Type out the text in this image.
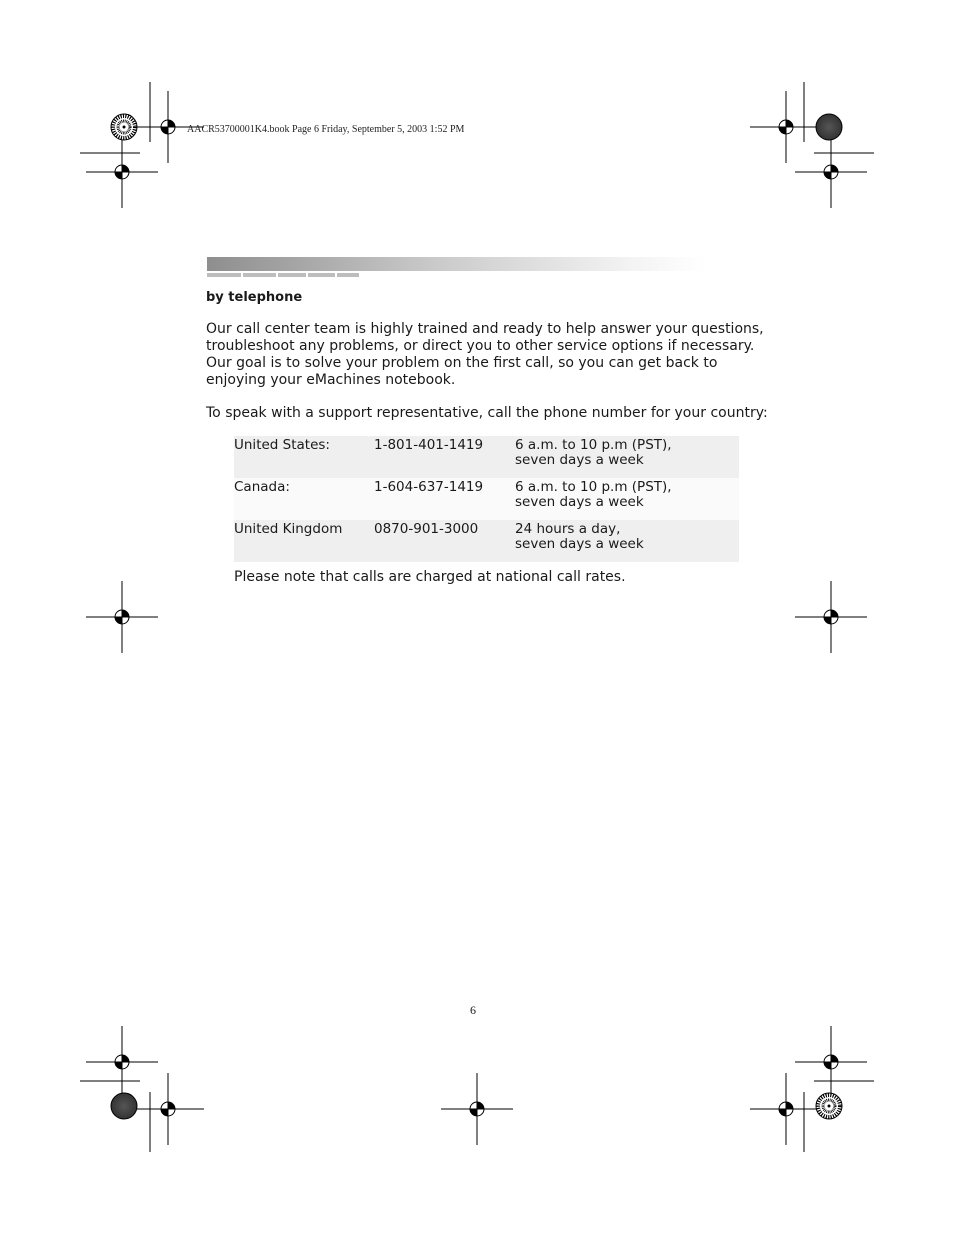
AACR53700001K4.book Page 6 Friday, September 5, 2003 1:52 PM
by telephone
Our call center team is highly trained and ready to help answer your questions, troubleshoot any problems, or direct you to other service options if necessary. Our goal is to solve your problem on the first call, so you can get back to enjoying your eMachines notebook.
To speak with a support representative, call the phone number for your country:
United States:	1-801-401-1419	6 a.m. to 10 p.m (PST),
seven days a week
Canada:	1-604-637-1419	6 a.m. to 10 p.m (PST),
seven days a week
United Kingdom	0870-901-3000	24 hours a day,
seven days a week
Please note that calls are charged at national call rates.
6
